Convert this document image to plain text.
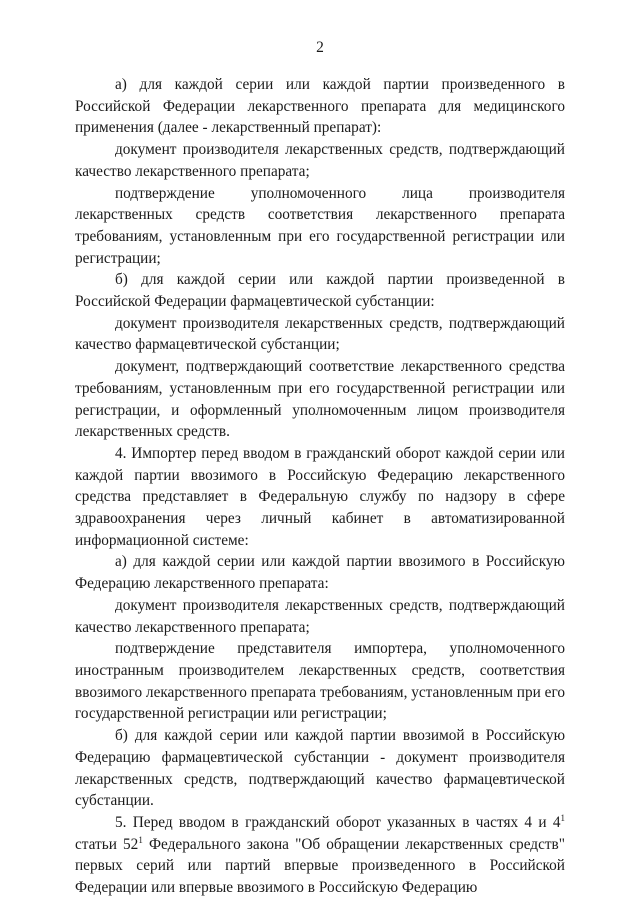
2

а) для каждой серии или каждой партии произведенного в Российской Федерации лекарственного препарата для медицинского применения (далее - лекарственный препарат):

документ производителя лекарственных средств, подтверждающий качество лекарственного препарата;

подтверждение уполномоченного лица производителя лекарственных средств соответствия лекарственного препарата требованиям, установленным при его государственной регистрации или регистрации;

б) для каждой серии или каждой партии произведенной в Российской Федерации фармацевтической субстанции:

документ производителя лекарственных средств, подтверждающий качество фармацевтической субстанции;

документ, подтверждающий соответствие лекарственного средства требованиям, установленным при его государственной регистрации или регистрации, и оформленный уполномоченным лицом производителя лекарственных средств.

4. Импортер перед вводом в гражданский оборот каждой серии или каждой партии ввозимого в Российскую Федерацию лекарственного средства представляет в Федеральную службу по надзору в сфере здравоохранения через личный кабинет в автоматизированной информационной системе:

а) для каждой серии или каждой партии ввозимого в Российскую Федерацию лекарственного препарата:

документ производителя лекарственных средств, подтверждающий качество лекарственного препарата;

подтверждение представителя импортера, уполномоченного иностранным производителем лекарственных средств, соответствия ввозимого лекарственного препарата требованиям, установленным при его государственной регистрации или регистрации;

б) для каждой серии или каждой партии ввозимой в Российскую Федерацию фармацевтической субстанции - документ производителя лекарственных средств, подтверждающий качество фармацевтической субстанции.

5. Перед вводом в гражданский оборот указанных в частях 4 и $4^1$ статьи $52^1$ Федерального закона "Об обращении лекарственных средств" первых серий или партий впервые произведенного в Российской Федерации или впервые ввозимого в Российскую Федерацию
